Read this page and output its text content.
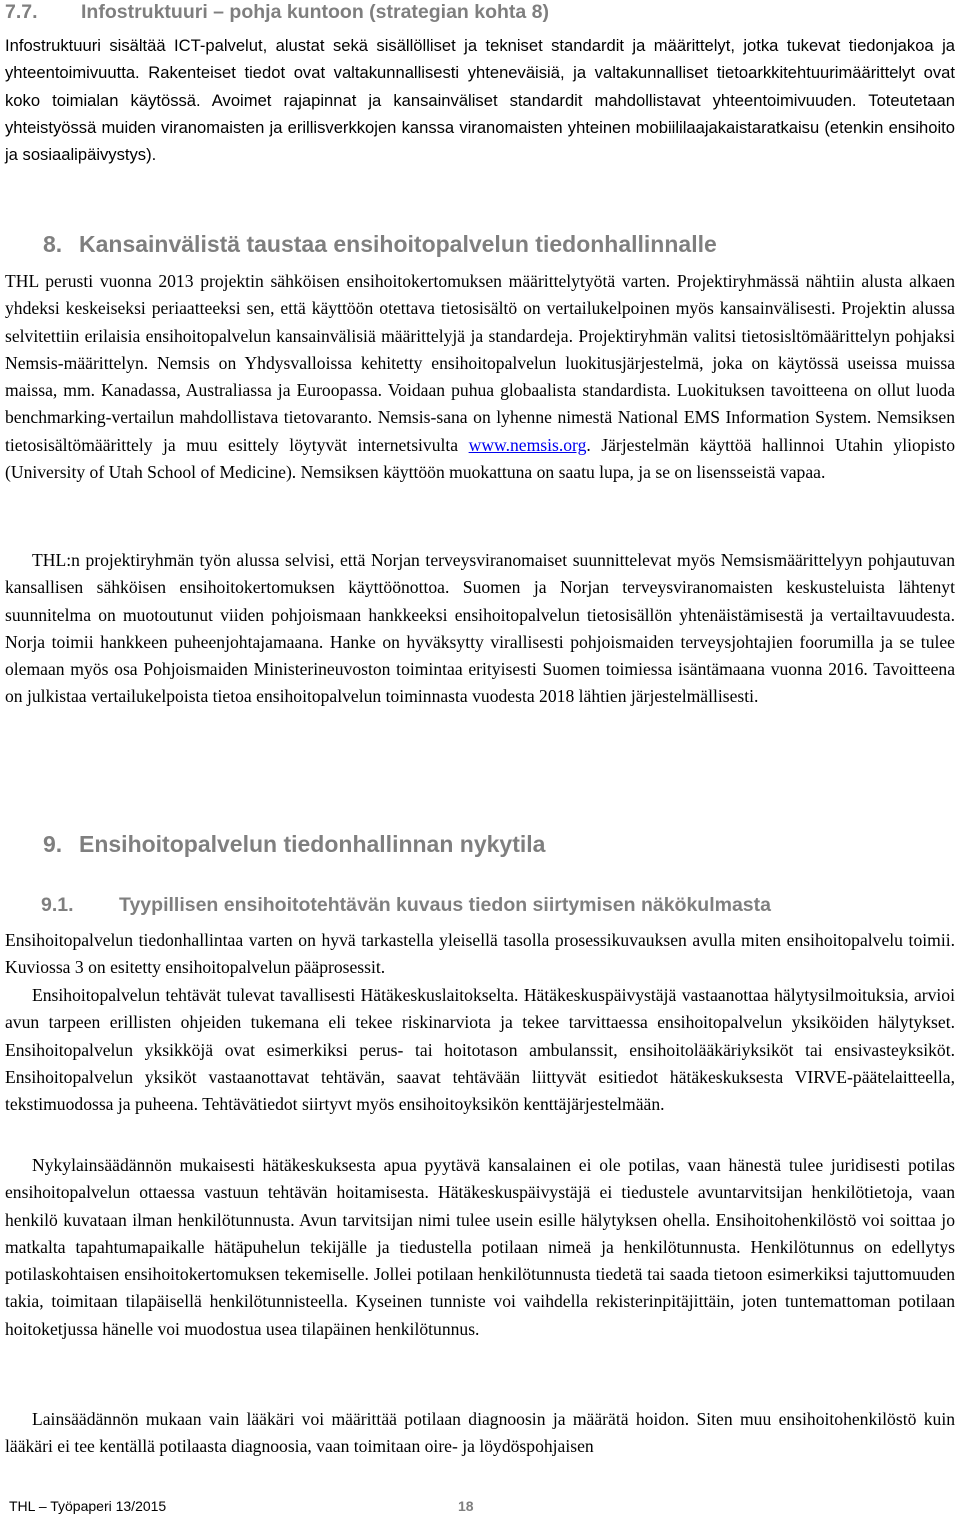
7.7. Infostruktuuri – pohja kuntoon (strategian kohta 8)
Infostruktuuri sisältää ICT-palvelut, alustat sekä sisällölliset ja tekniset standardit ja määrittelyt, jotka tukevat tiedonjakoa ja yhteentoimivuutta. Rakenteiset tiedot ovat valtakunnallisesti yhteneväisiä, ja valtakunnalliset tietoarkkitehtuurimäärittelyt ovat koko toimialan käytössä. Avoimet rajapinnat ja kansainväliset standardit mahdollistavat yhteentoimivuuden. Toteutetaan yhteistyössä muiden viranomaisten ja erillisverkkojen kanssa viranomaisten yhteinen mobiililaajakaistaratkaisu (etenkin ensihoito ja sosiaalipäivystys).
8. Kansainvälistä taustaa ensihoitopalvelun tiedonhallinnalle
THL perusti vuonna 2013 projektin sähköisen ensihoitokertomuksen määrittelytyötä varten. Projektiryhmässä nähtiin alusta alkaen yhdeksi keskeiseksi periaatteeksi sen, että käyttöön otettava tietosisältö on vertailukelpoinen myös kansainvälisesti. Projektin alussa selvitettiin erilaisia ensihoitopalvelun kansainvälisiä määrittelyjä ja standardeja. Projektiryhmän valitsi tietosisltömäärittelyn pohjaksi Nemsis-määrittelyn. Nemsis on Yhdysvalloissa kehitetty ensihoitopalvelun luokitusjärjestelmä, joka on käytössä useissa muissa maissa, mm. Kanadassa, Australiassa ja Euroopassa. Voidaan puhua globaalista standardista. Luokituksen tavoitteena on ollut luoda benchmarking-vertailun mahdollistava tietovaranto. Nemsis-sana on lyhenne nimestä National EMS Information System. Nemsiksen tietosisältömäärittely ja muu esittely löytyvät internetsivulta www.nemsis.org. Järjestelmän käyttöä hallinnoi Utahin yliopisto (University of Utah School of Medicine). Nemsiksen käyttöön muokattuna on saatu lupa, ja se on lisensseistä vapaa.
THL:n projektiryhmän työn alussa selvisi, että Norjan terveysviranomaiset suunnittelevat myös Nemsismäärittelyyn pohjautuvan kansallisen sähköisen ensihoitokertomuksen käyttöönottoa. Suomen ja Norjan terveysviranomaisten keskusteluista lähtenyt suunnitelma on muotoutunut viiden pohjoismaan hankkeeksi ensihoitopalvelun tietosisällön yhtenäistämisestä ja vertailtavuudesta. Norja toimii hankkeen puheenjohtajamaana. Hanke on hyväksytty virallisesti pohjoismaiden terveysjohtajien foorumilla ja se tulee olemaan myös osa Pohjoismaiden Ministerineuvoston toimintaa erityisesti Suomen toimiessa isäntämaana vuonna 2016. Tavoitteena on julkistaa vertailukelpoista tietoa ensihoitopalvelun toiminnasta vuodesta 2018 lähtien järjestelmällisesti.
9. Ensihoitopalvelun tiedonhallinnan nykytila
9.1. Tyypillisen ensihoitotehtävän kuvaus tiedon siirtymisen näkökulmasta
Ensihoitopalvelun tiedonhallintaa varten on hyvä tarkastella yleisellä tasolla prosessikuvauksen avulla miten ensihoitopalvelu toimii. Kuviossa 3 on esitetty ensihoitopalvelun pääprosessit.
Ensihoitopalvelun tehtävät tulevat tavallisesti Hätäkeskuslaitokselta. Hätäkeskuspäivystäjä vastaanottaa hälytysilmoituksia, arvioi avun tarpeen erillisten ohjeiden tukemana eli tekee riskinarviota ja tekee tarvittaessa ensihoitopalvelun yksiköiden hälytykset. Ensihoitopalvelun yksikköjä ovat esimerkiksi perus- tai hoitotason ambulanssit, ensihoitolääkäriyksiköt tai ensivasteyksiköt. Ensihoitopalvelun yksiköt vastaanottavat tehtävän, saavat tehtävään liittyvät esitiedot hätäkeskuksesta VIRVE-päätelaitteella, tekstimuodossa ja puheena. Tehtävätiedot siirtyvt myös ensihoitoyksikön kenttäjärjestelmään.
Nykylainsäädännön mukaisesti hätäkeskuksesta apua pyytävä kansalainen ei ole potilas, vaan hänestä tulee juridisesti potilas ensihoitopalvelun ottaessa vastuun tehtävän hoitamisesta. Hätäkeskuspäivystäjä ei tiedustele avuntarvitsijan henkilötietoja, vaan henkilö kuvataan ilman henkilötunnusta. Avun tarvitsijan nimi tulee usein esille hälytyksen ohella. Ensihoitohenkilöstö voi soittaa jo matkalta tapahtumapaikalle hätäpuhelun tekijälle ja tiedustella potilaan nimeä ja henkilötunnusta. Henkilötunnus on edellytys potilaskohtaisen ensihoitokertomuksen tekemiselle. Jollei potilaan henkilötunnusta tiedetä tai saada tietoon esimerkiksi tajuttomuuden takia, toimitaan tilapäisellä henkilötunnisteella. Kyseinen tunniste voi vaihdella rekisterinpitäjittäin, joten tuntemattoman potilaan hoitoketjussa hänelle voi muodostua usea tilapäinen henkilötunnus.
Lainsäädännön mukaan vain lääkäri voi määrittää potilaan diagnoosin ja määrätä hoidon. Siten muu ensihoitohenkilöstö kuin lääkäri ei tee kentällä potilaasta diagnoosia, vaan toimitaan oire- ja löydöspohjaisen
THL – Työpaperi 13/2015	18
